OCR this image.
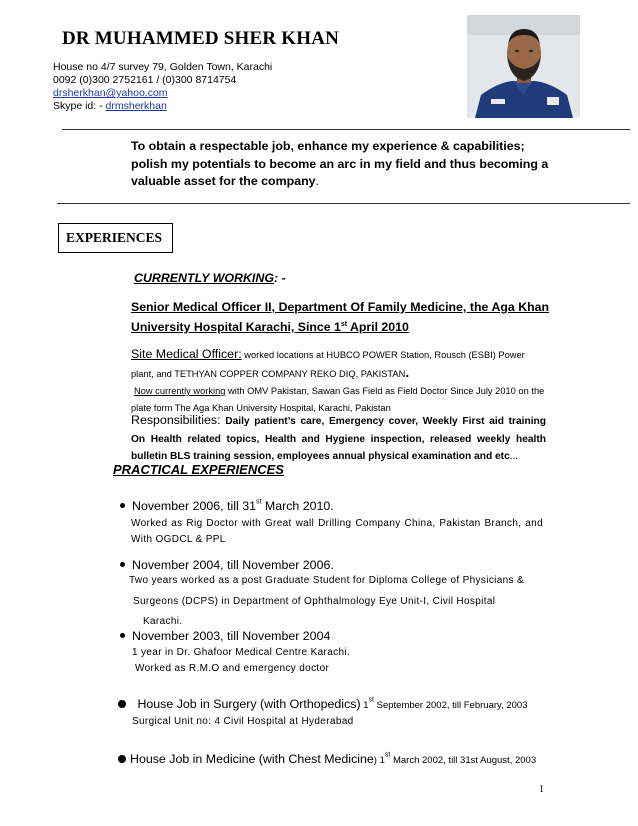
DR MUHAMMED SHER KHAN
House no 4/7 survey 79, Golden Town, Karachi
0092 (0)300 2752161 / (0)300 8714754
drsherkhan@yahoo.com
Skype id: - drmsherkhan
To obtain a respectable job, enhance my experience & capabilities; polish my potentials to become an arc in my field and thus becoming a valuable asset for the company.
EXPERIENCES
CURRENTLY WORKING: -
Senior Medical Officer II, Department Of Family Medicine, the Aga Khan University Hospital Karachi, Since 1st April 2010
Site Medical Officer: worked locations at HUBCO POWER Station, Rousch (ESBI) Power plant, and TETHYAN COPPER COMPANY REKO DIQ, PAKISTAN.
Now currently working with OMV Pakistan, Sawan Gas Field as Field Doctor Since July 2010 on the plate form The Aga Khan University Hospital, Karachi, Pakistan
Responsibilities: Daily patient’s care, Emergency cover, Weekly First aid training On Health related topics, Health and Hygiene inspection, released weekly health bulletin BLS training session, employees annual physical examination and etc...
PRACTICAL EXPERIENCES
November 2006, till 31st March 2010.
Worked as Rig Doctor with Great wall Drilling Company China, Pakistan Branch, and With OGDCL & PPL
November 2004, till November 2006.
Two years worked as a post Graduate Student for Diploma College of Physicians &
Surgeons (DCPS) in Department of Ophthalmology Eye Unit-I, Civil Hospital
Karachi.
November 2003, till November 2004
1 year in Dr. Ghafoor Medical Centre Karachi.
Worked as R.M.O and emergency doctor
House Job in Surgery (with Orthopedics) 1st September 2002, till February, 2003
Surgical Unit no: 4 Civil Hospital at Hyderabad
House Job in Medicine (with Chest Medicine) 1st March 2002, till 31st August, 2003
1
